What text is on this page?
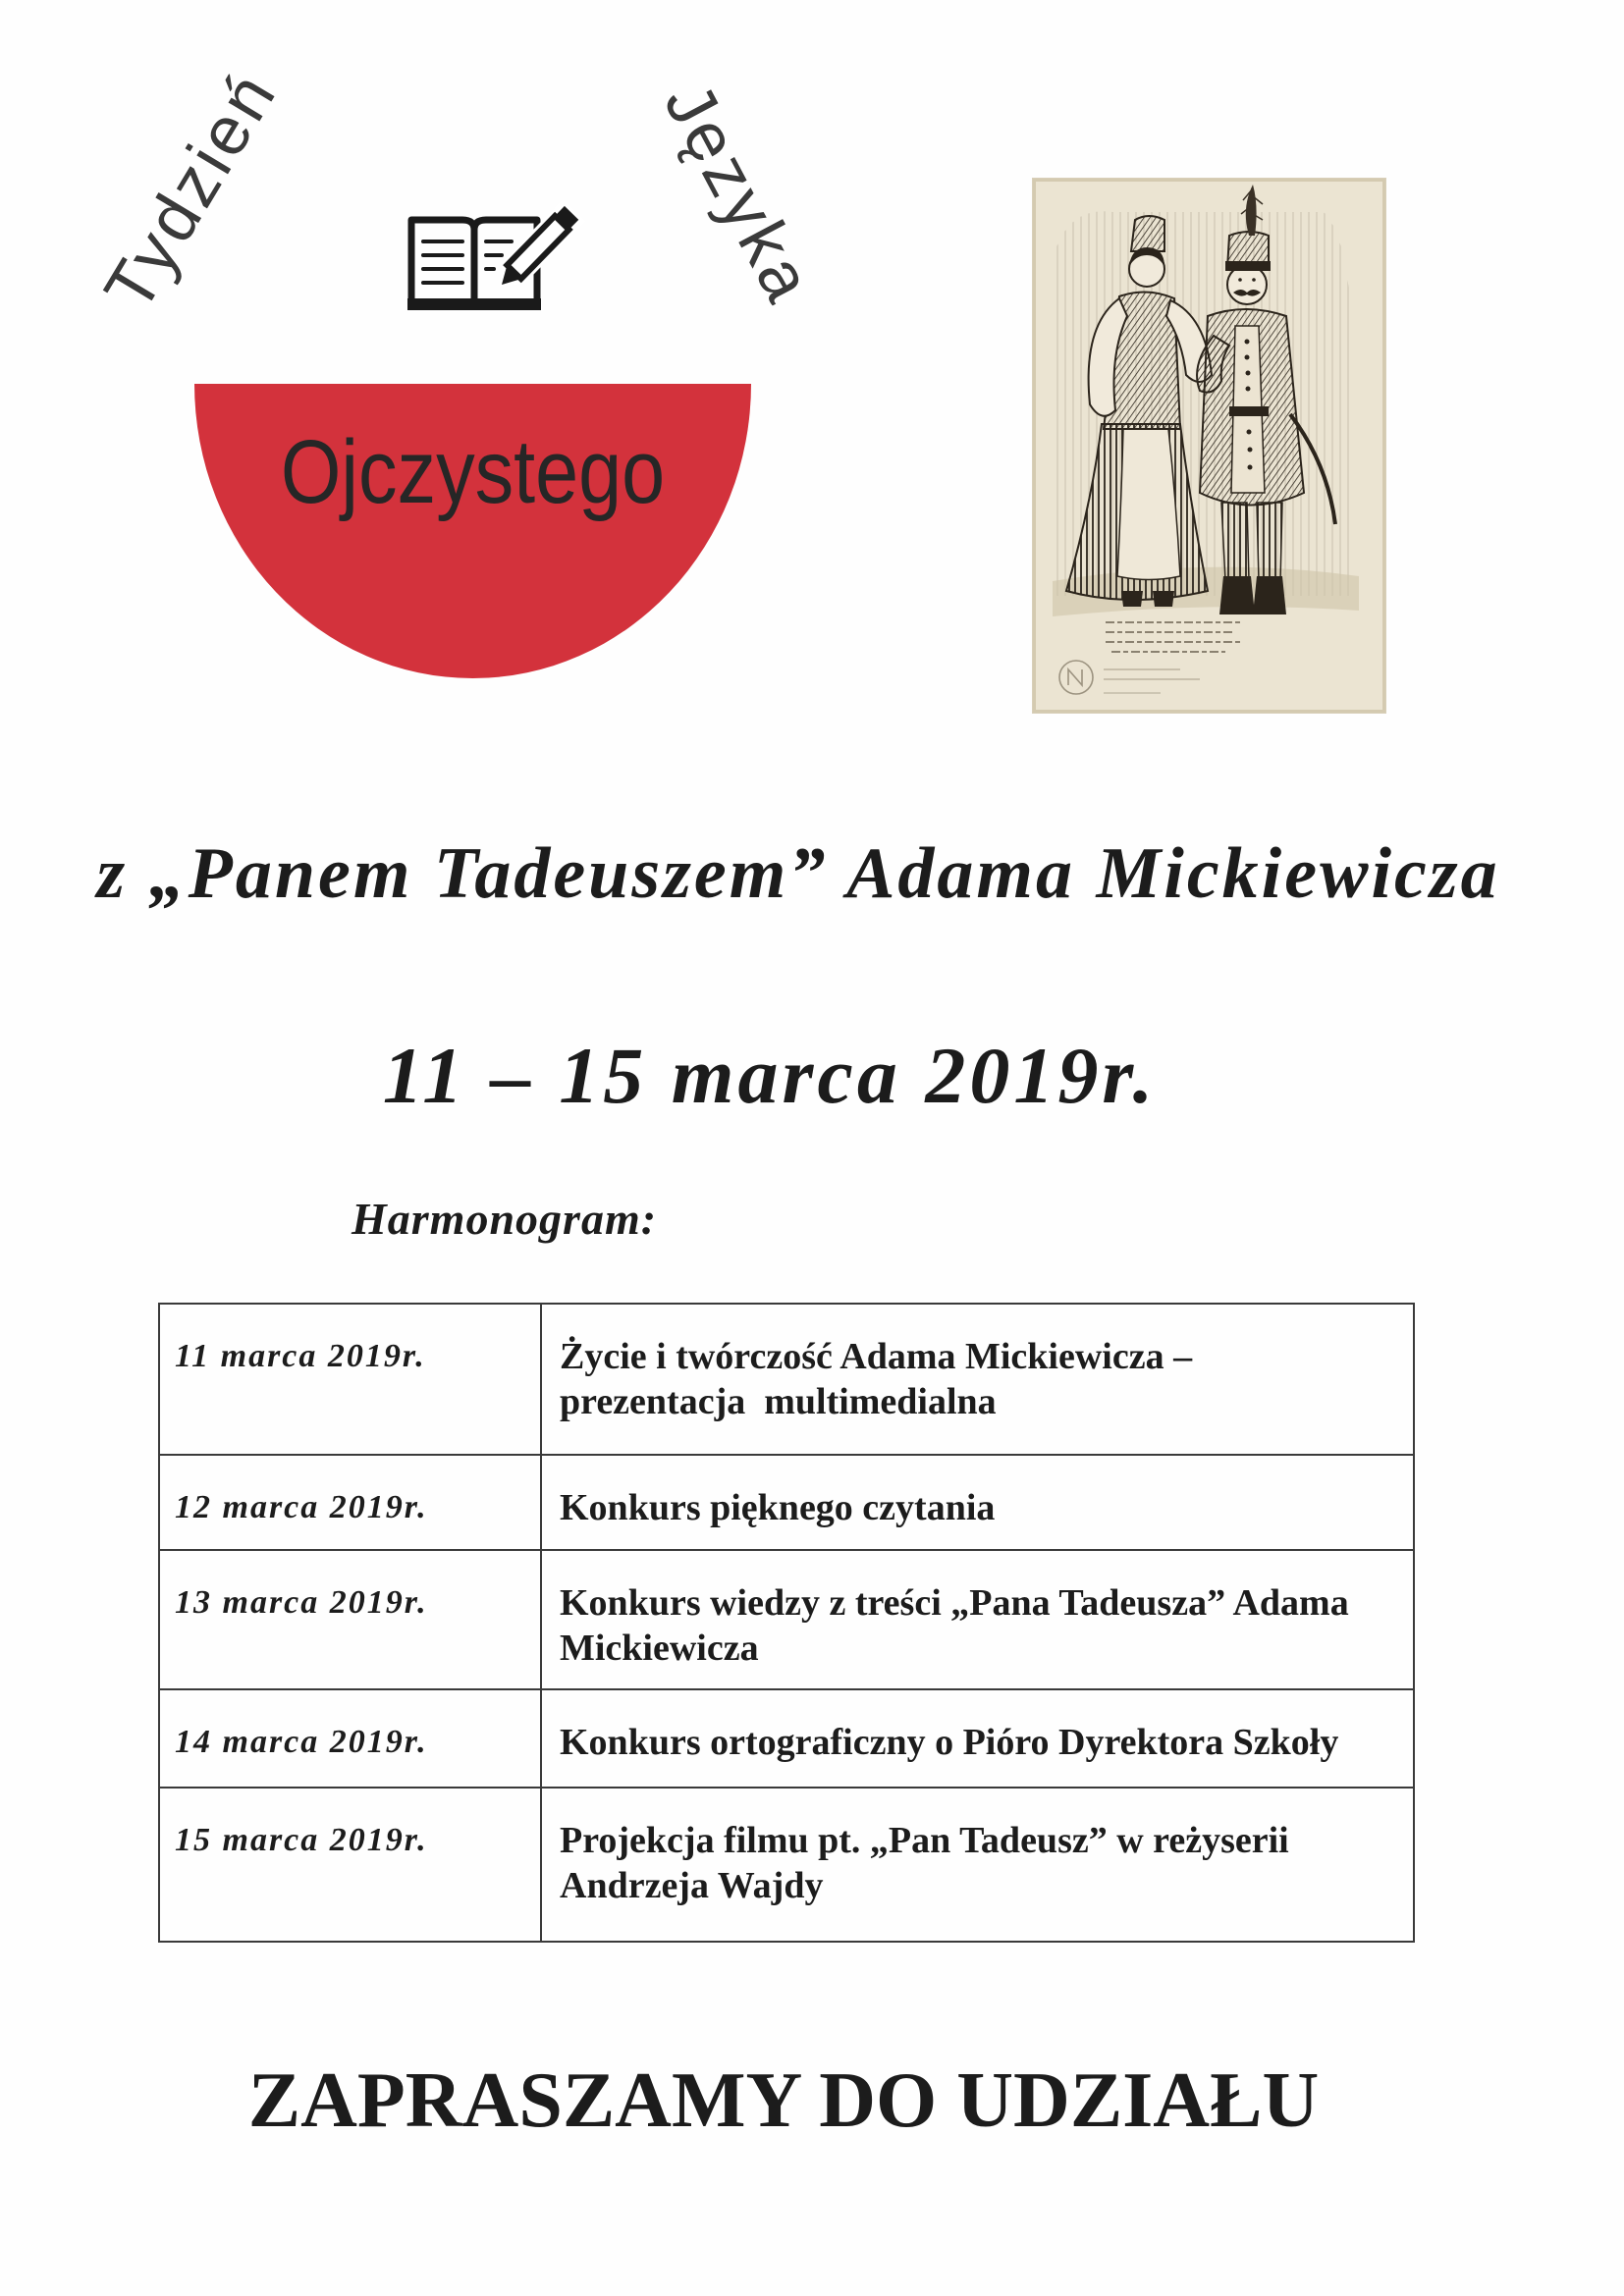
Tydzień	Języka
Ojczystego
z „Panem Tadeuszem” Adama Mickiewicza
11 – 15 marca 2019r.
Harmonogram:
11 marca 2019r.	Życie i twórczość Adama Mickiewicza –
prezentacja  multimedialna
12 marca 2019r.	Konkurs pięknego czytania
13 marca 2019r.	Konkurs wiedzy z treści „Pana Tadeusza” Adama
Mickiewicza
14 marca 2019r.	Konkurs ortograficzny o Pióro Dyrektora Szkoły
15 marca 2019r.	Projekcja filmu pt. „Pan Tadeusz” w reżyserii
Andrzeja Wajdy
ZAPRASZAMY DO UDZIAŁU
